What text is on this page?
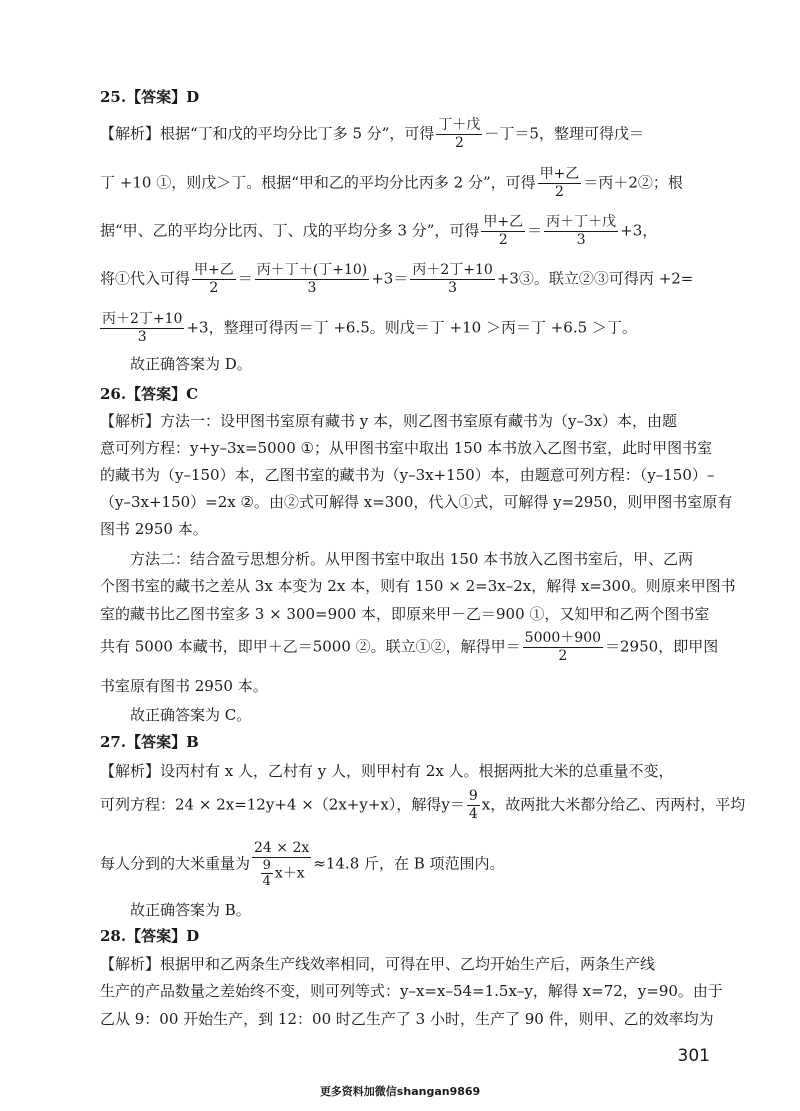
25.【答案】D
【解析】根据“丁和戊的平均分比丁多 5 分”，可得 $\frac{\text{丁＋戊}}{2}$ －丁＝5，整理可得戊＝
丁 +10 ①，则戊＞丁。根据“甲和乙的平均分比丙多 2 分”，可得 $\frac{\text{甲+乙}}{2}$ ＝丙＋2②；根
据“甲、乙的平均分比丙、丁、戊的平均分多 3 分”，可得 $\frac{\text{甲+乙}}{2} = \frac{\text{丙＋丁＋戊}}{3} +3$，
将①代入可得 $\frac{\text{甲+乙}}{2} = \frac{\text{丙＋丁＋(丁+10)}}{3} +3= \frac{\text{丙＋2丁+10}}{3}$ +3③。联立②③可得丙 +2=
$\frac{\text{丙＋2丁+10}}{3} +3$，整理可得丙＝丁 +6.5。则戊＝丁 +10 ＞丙＝丁 +6.5 ＞丁。
故正确答案为 D。
26.【答案】C
【解析】方法一：设甲图书室原有藏书 y 本，则乙图书室原有藏书为（y–3x）本，由题
意可列方程：y+y–3x=5000 ①；从甲图书室中取出 150 本书放入乙图书室，此时甲图书室
的藏书为（y–150）本，乙图书室的藏书为（y–3x+150）本，由题意可列方程：（y–150）–
（y–3x+150）=2x ②。由②式可解得 x=300，代入①式，可解得 y=2950，则甲图书室原有
图书 2950 本。
方法二：结合盈亏思想分析。从甲图书室中取出 150 本书放入乙图书室后，甲、乙两
个图书室的藏书之差从 3x 本变为 2x 本，则有 150 × 2=3x–2x，解得 x=300。则原来甲图书
室的藏书比乙图书室多 3 × 300=900 本，即原来甲－乙＝900 ①，又知甲和乙两个图书室
共有 5000 本藏书，即甲＋乙＝5000 ②。联立①②，解得甲＝ $\frac{5000+900}{2} =2950$，即甲图
书室原有图书 2950 本。
故正确答案为 C。
27.【答案】B
【解析】设丙村有 x 人，乙村有 y 人，则甲村有 2x 人。根据两批大米的总重量不变，
可列方程：24 × 2x=12y+4 ×（2x+y+x），解得$y= \frac{9}{4}$ x，故两批大米都分给乙、丙两村，平均
每人分到的大米重量为 $\frac{24 \times 2x}{\frac{9}{4} x+x} \approx 14.8$ 斤，在 B 项范围内。
故正确答案为 B。
28.【答案】D
【解析】根据甲和乙两条生产线效率相同，可得在甲、乙均开始生产后，两条生产线
生产的产品数量之差始终不变，则可列等式：y–x=x–54=1.5x–y，解得 x=72，y=90。由于
乙从 9：00 开始生产，到 12：00 时乙生产了 3 小时，生产了 90 件，则甲、乙的效率均为
301
更多资料加微信shangan9869
